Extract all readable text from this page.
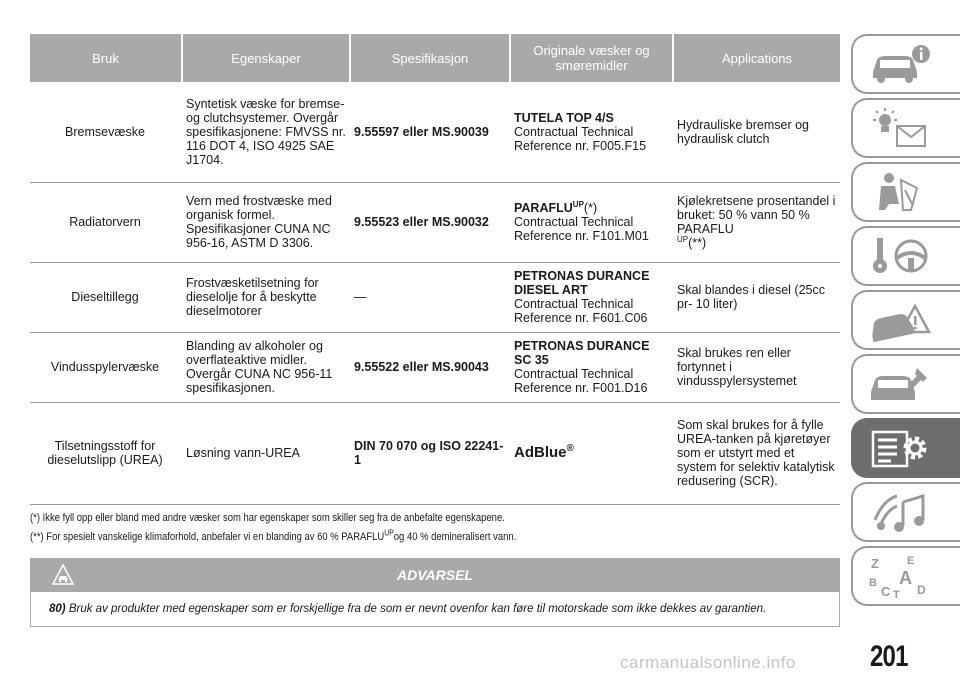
Bruk	Egenskaper	Spesifikasjon	Originale væsker og smøremidler	Applications
Bremsevæske	Syntetisk væske for bremse- og clutchsystemer. Overgår spesifikasjonene: FMVSS nr. 116 DOT 4, ISO 4925 SAE J1704.	9.55597 eller MS.90039	TUTELA TOP 4/S
Contractual Technical Reference nr. F005.F15	Hydrauliske bremser og hydraulisk clutch
Radiatorvern	Vern med frostvæske med organisk formel. Spesifikasjoner CUNA NC 956-16, ASTM D 3306.	9.55523 eller MS.90032	$PARAFLU^{UP}(*)$
Contractual Technical Reference nr. F101.M01	Kjølekretsene prosentandel i bruket: 50 % vann 50 % PARAFLU
$^{UP}$(**)
Dieseltillegg	Frostvæsketilsetning for dieselolje for å beskytte dieselmotorer	—	PETRONAS DURANCE DIESEL ART
Contractual Technical Reference nr. F601.C06	Skal blandes i diesel (25cc pr- 10 liter)
Vindusspylervæske	Blanding av alkoholer og overflateaktive midler. Overgår CUNA NC 956-11 spesifikasjonen.	9.55522 eller MS.90043	PETRONAS DURANCE SC 35
Contractual Technical Reference nr. F001.D16	Skal brukes ren eller fortynnet i vindusspylersystemet
Tilsetningsstoff for dieselutslipp (UREA)	Løsning vann-UREA	DIN 70 070 og ISO 22241-1	AdBlue®	Som skal brukes for å fylle UREA-tanken på kjøretøyer som er utstyrt med et system for selektiv katalytisk redusering (SCR).

(*) Ikke fyll opp eller bland med andre væsker som har egenskaper som skiller seg fra de anbefalte egenskapene.

(**) For spesielt vanskelige klimaforhold, anbefaler vi en blanding av 60 % $PARAFLU^{UP}og$ 40 % demineralisert vann.

ADVARSEL
80) Bruk av produkter med egenskaper som er forskjellige fra de som er nevnt ovenfor kan føre til motorskade som ikke dekkes av garantien.
Z	E
B A
C T D
201
carmanualsonline.info
